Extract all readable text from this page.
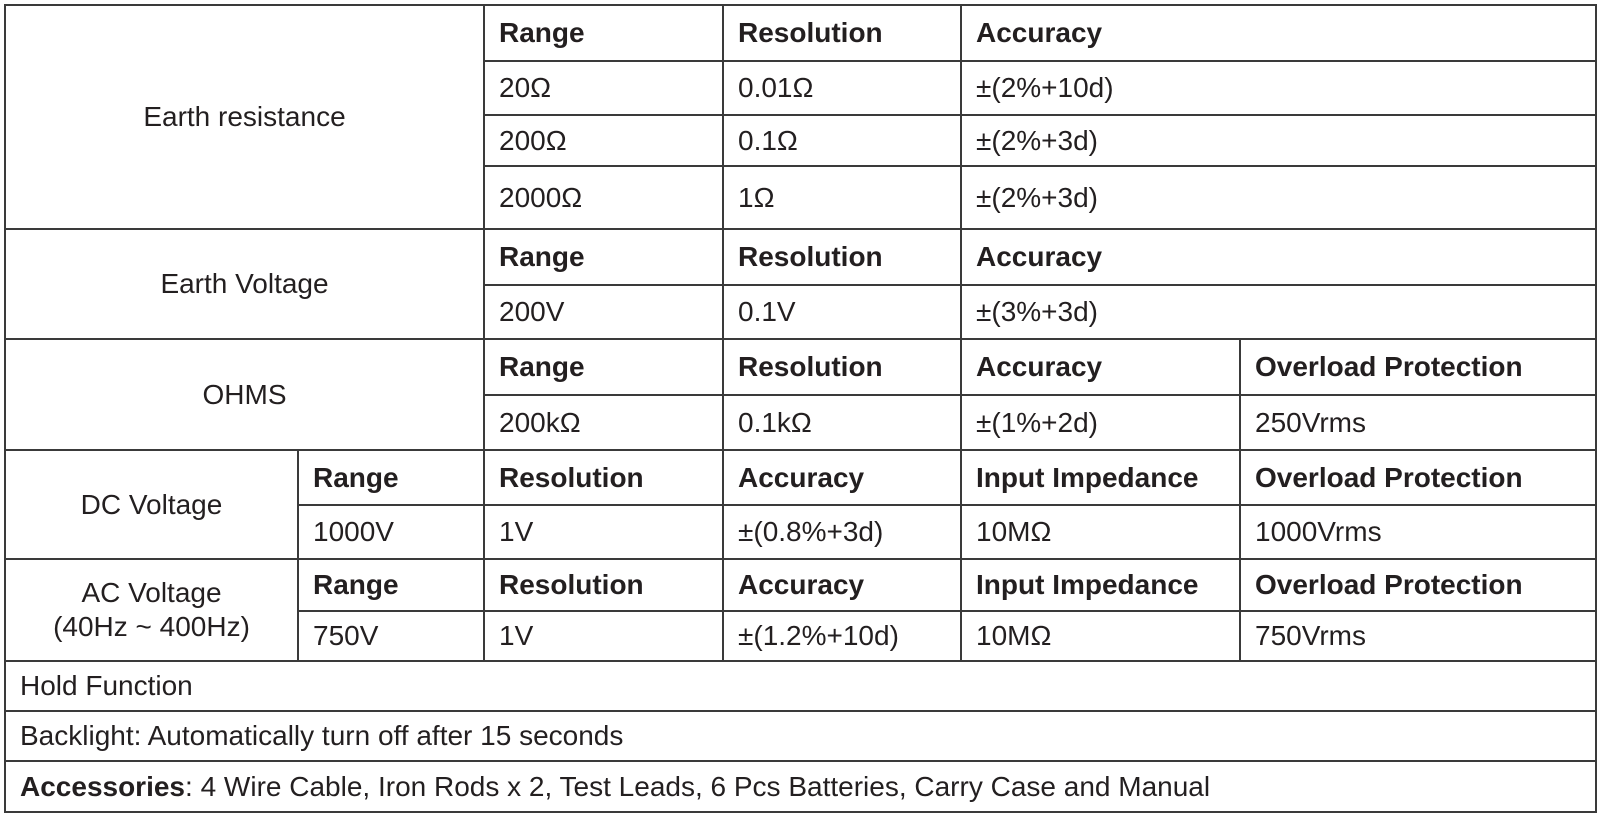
Earth resistance
Range	Resolution	Accuracy
20Ω	0.01Ω	±(2%+10d)
200Ω	0.1Ω	±(2%+3d)
2000Ω	1Ω	±(2%+3d)
Earth Voltage
Range	Resolution	Accuracy
200V	0.1V	±(3%+3d)
OHMS
Range	Resolution	Accuracy	Overload Protection
200kΩ	0.1kΩ	±(1%+2d)	250Vrms
DC Voltage
Range	Resolution	Accuracy	Input Impedance	Overload Protection
1000V	1V	±(0.8%+3d)	10MΩ	1000Vrms
AC Voltage
(40Hz ~ 400Hz)
Range	Resolution	Accuracy	Input Impedance	Overload Protection
750V	1V	±(1.2%+10d)	10MΩ	750Vrms
Hold Function
Backlight: Automatically turn off after 15 seconds
Accessories: 4 Wire Cable, Iron Rods x 2, Test Leads, 6 Pcs Batteries, Carry Case and Manual
